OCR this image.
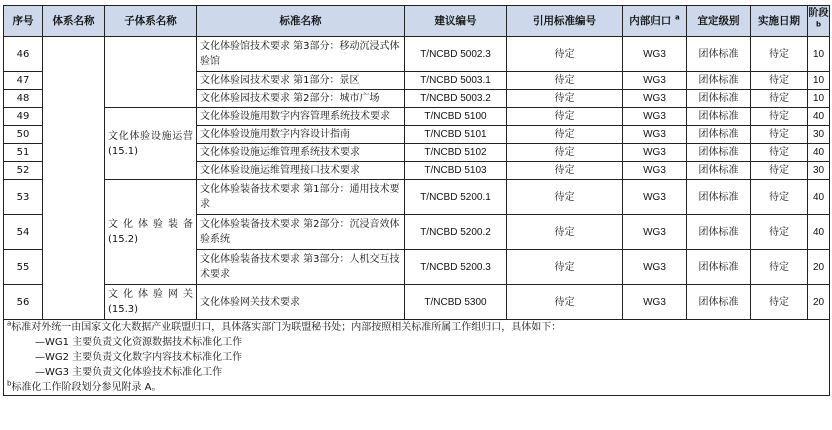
序号	体系名称	子体系名称	标准名称	建议编号	引用标准编号	内部归口 $^a$	宜定级别	实施日期	阶段$^b$
46			文化体验馆技术要求 第3部分：移动沉浸式体验馆	T/NCBD 5002.3	待定	WG3	团体标准	待定	10
47			文化体验园技术要求 第1部分：景区	T/NCBD 5003.1	待定	WG3	团体标准	待定	10
48			文化体验园技术要求 第2部分：城市广场	T/NCBD 5003.2	待定	WG3	团体标准	待定	10
49		文化体验设施运营(15.1)	文化体验设施用数字内容管理系统技术要求	T/NCBD 5100	待定	WG3	团体标准	待定	40
50			文化体验设施用数字内容设计指南	T/NCBD 5101	待定	WG3	团体标准	待定	30
51			文化体验设施运维管理系统技术要求	T/NCBD 5102	待定	WG3	团体标准	待定	40
52			文化体验设施运维管理接口技术要求	T/NCBD 5103	待定	WG3	团体标准	待定	30
53		文化体验装备(15.2)	文化体验装备技术要求 第1部分：通用技术要求	T/NCBD 5200.1	待定	WG3	团体标准	待定	40
54			文化体验装备技术要求 第2部分：沉浸音效体验系统	T/NCBD 5200.2	待定	WG3	团体标准	待定	40
55			文化体验装备技术要求 第3部分：人机交互技术要求	T/NCBD 5200.3	待定	WG3	团体标准	待定	20
56		文化体验网关(15.3)	文化体验网关技术要求	T/NCBD 5300	待定	WG3	团体标准	待定	20

$^a$标准对外统一由国家文化大数据产业联盟归口，具体落实部门为联盟秘书处；内部按照相关标准所属工作组归口，具体如下：
—WG1 主要负责文化资源数据技术标准化工作
—WG2 主要负责文化数字内容技术标准化工作
—WG3 主要负责文化体验技术标准化工作
$^b$标准化工作阶段划分参见附录 A。									
